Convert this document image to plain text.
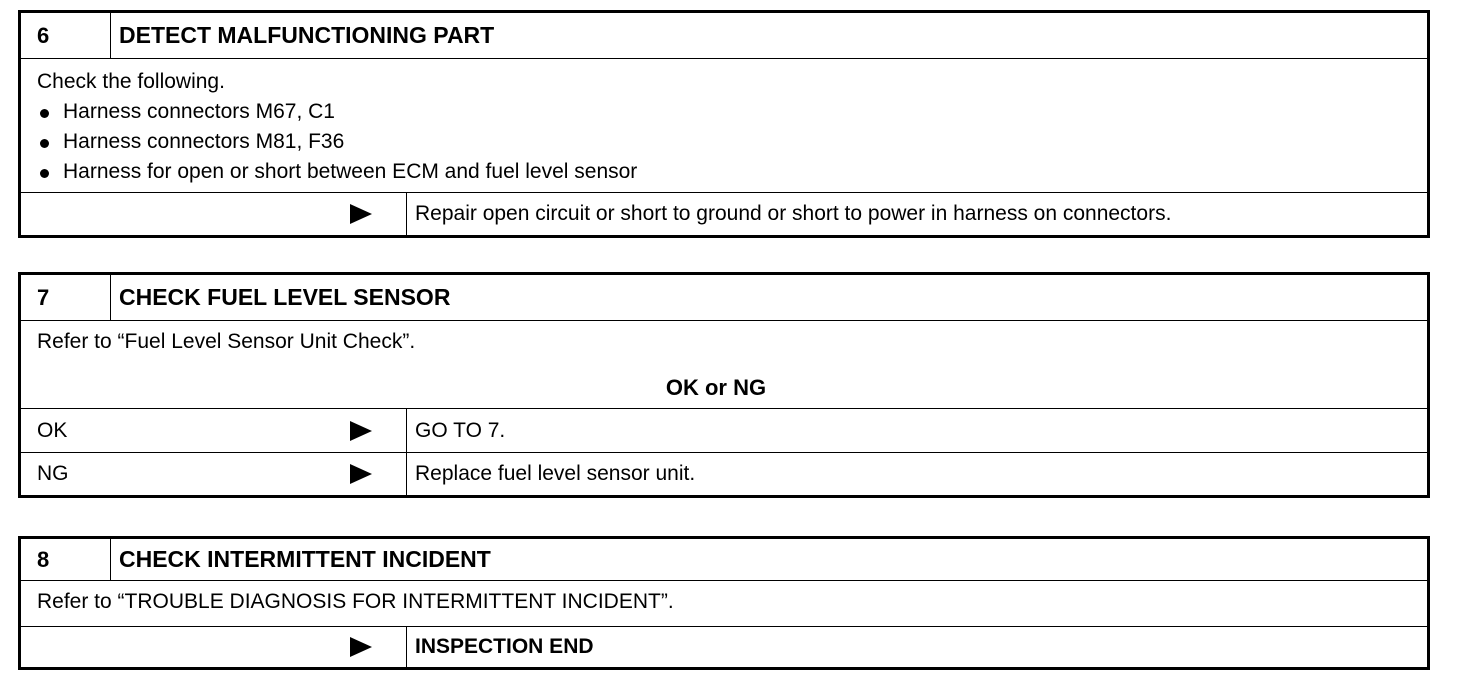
6	DETECT MALFUNCTIONING PART
Check the following.
Harness connectors M67, C1
Harness connectors M81, F36
Harness for open or short between ECM and fuel level sensor
Repair open circuit or short to ground or short to power in harness on connectors.
7	CHECK FUEL LEVEL SENSOR
Refer to “Fuel Level Sensor Unit Check”.
OK or NG
OK	GO TO 7.
NG	Replace fuel level sensor unit.
8	CHECK INTERMITTENT INCIDENT
Refer to “TROUBLE DIAGNOSIS FOR INTERMITTENT INCIDENT”.
INSPECTION END
